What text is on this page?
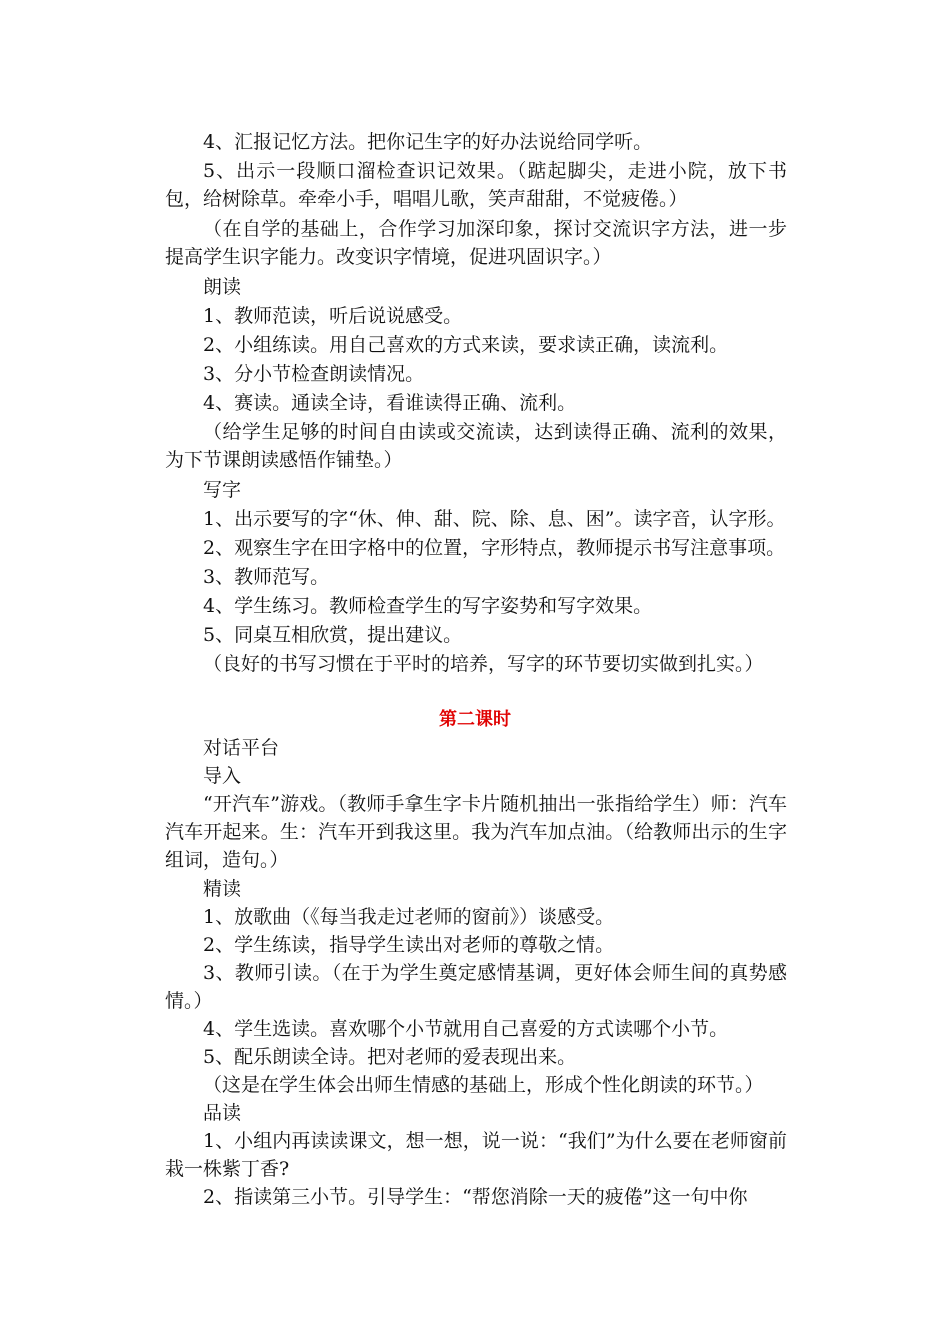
4、汇报记忆方法。把你记生字的好办法说给同学听。

5、出示一段顺口溜检查识记效果。（踮起脚尖，走进小院，放下书包，给树除草。牵牵小手，唱唱儿歌，笑声甜甜，不觉疲倦。）

（在自学的基础上，合作学习加深印象，探讨交流识字方法，进一步提高学生识字能力。改变识字情境，促进巩固识字。）

朗读

1、教师范读，听后说说感受。

2、小组练读。用自己喜欢的方式来读，要求读正确，读流利。

3、分小节检查朗读情况。

4、赛读。通读全诗，看谁读得正确、流利。

（给学生足够的时间自由读或交流读，达到读得正确、流利的效果，为下节课朗读感悟作铺垫。）

写字

1、出示要写的字“休、伸、甜、院、除、息、困”。读字音，认字形。

2、观察生字在田字格中的位置，字形特点，教师提示书写注意事项。

3、教师范写。

4、学生练习。教师检查学生的写字姿势和写字效果。

5、同桌互相欣赏，提出建议。

（良好的书写习惯在于平时的培养，写字的环节要切实做到扎实。）

第二课时

对话平台

导入

“开汽车”游戏。（教师手拿生字卡片随机抽出一张指给学生）师：汽车汽车开起来。生：汽车开到我这里。我为汽车加点油。（给教师出示的生字组词，造句。）

精读

1、放歌曲（《每当我走过老师的窗前》）谈感受。

2、学生练读，指导学生读出对老师的尊敬之情。

3、教师引读。（在于为学生奠定感情基调，更好体会师生间的真势感情。）

4、学生选读。喜欢哪个小节就用自己喜爱的方式读哪个小节。

5、配乐朗读全诗。把对老师的爱表现出来。

（这是在学生体会出师生情感的基础上，形成个性化朗读的环节。）

品读

1、小组内再读读课文，想一想，说一说：“我们”为什么要在老师窗前栽一株紫丁香?

2、指读第三小节。引导学生：“帮您消除一天的疲倦”这一句中你
